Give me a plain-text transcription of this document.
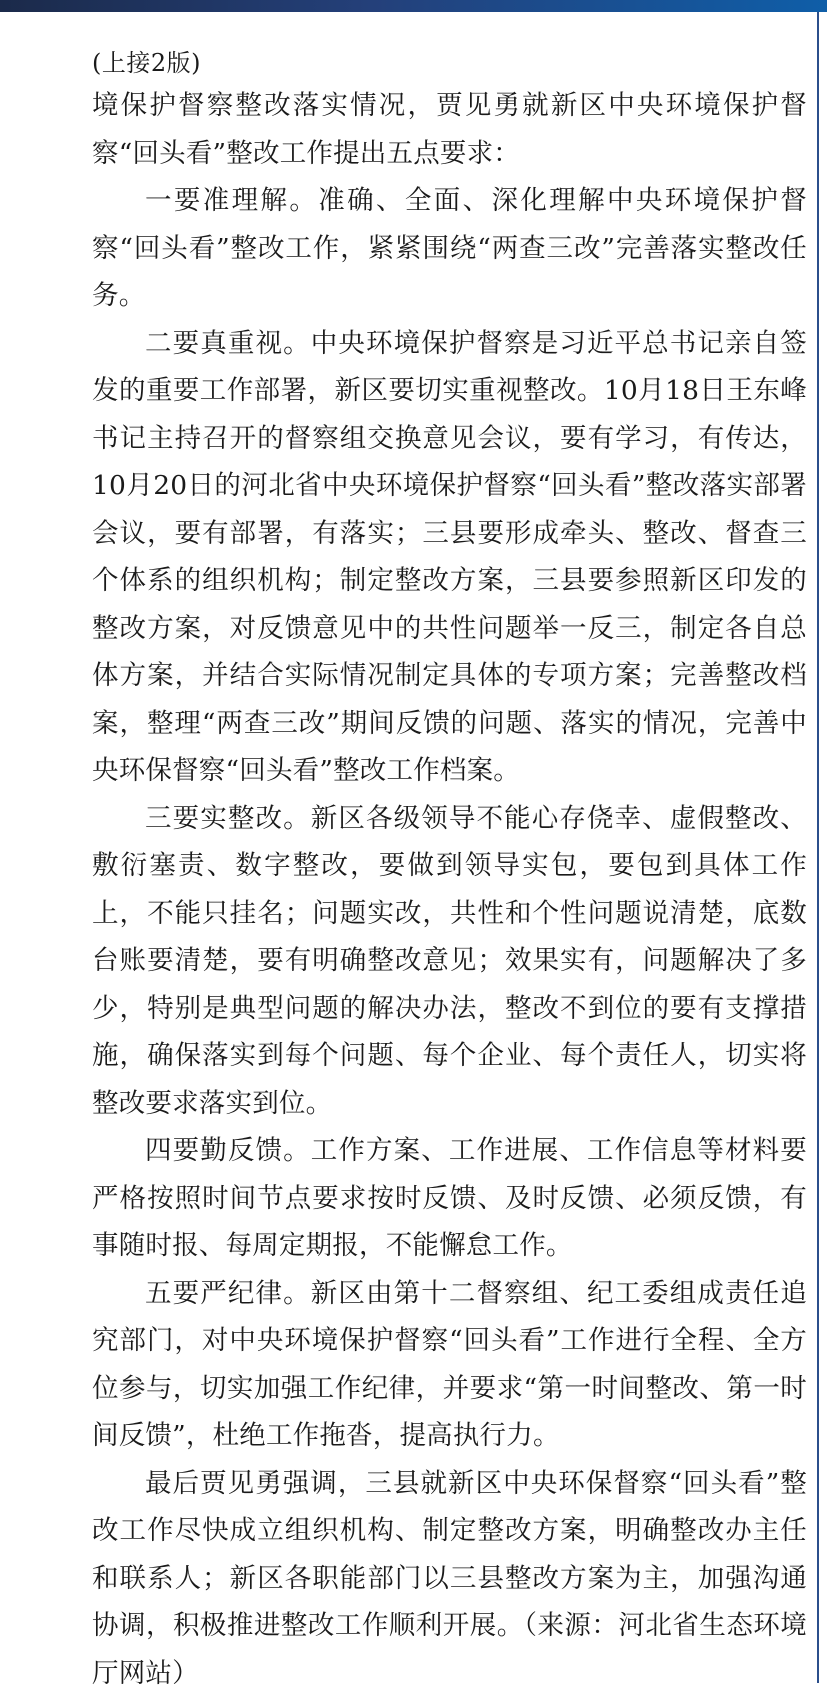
(上接2版)

境保护督察整改落实情况，贾见勇就新区中央环境保护督察“回头看”整改工作提出五点要求：

一要准理解。准确、全面、深化理解中央环境保护督察“回头看”整改工作，紧紧围绕“两查三改”完善落实整改任务。

二要真重视。中央环境保护督察是习近平总书记亲自签发的重要工作部署，新区要切实重视整改。10月18日王东峰书记主持召开的督察组交换意见会议，要有学习，有传达，10月20日的河北省中央环境保护督察“回头看”整改落实部署会议，要有部署，有落实；三县要形成牵头、整改、督查三个体系的组织机构；制定整改方案，三县要参照新区印发的整改方案，对反馈意见中的共性问题举一反三，制定各自总体方案，并结合实际情况制定具体的专项方案；完善整改档案，整理“两查三改”期间反馈的问题、落实的情况，完善中央环保督察“回头看”整改工作档案。

三要实整改。新区各级领导不能心存侥幸、虚假整改、敷衍塞责、数字整改，要做到领导实包，要包到具体工作上，不能只挂名；问题实改，共性和个性问题说清楚，底数台账要清楚，要有明确整改意见；效果实有，问题解决了多少，特别是典型问题的解决办法，整改不到位的要有支撑措施，确保落实到每个问题、每个企业、每个责任人，切实将整改要求落实到位。

四要勤反馈。工作方案、工作进展、工作信息等材料要严格按照时间节点要求按时反馈、及时反馈、必须反馈，有事随时报、每周定期报，不能懈怠工作。

五要严纪律。新区由第十二督察组、纪工委组成责任追究部门，对中央环境保护督察“回头看”工作进行全程、全方位参与，切实加强工作纪律，并要求“第一时间整改、第一时间反馈”，杜绝工作拖沓，提高执行力。

最后贾见勇强调，三县就新区中央环保督察“回头看”整改工作尽快成立组织机构、制定整改方案，明确整改办主任和联系人；新区各职能部门以三县整改方案为主，加强沟通协调，积极推进整改工作顺利开展。（来源：河北省生态环境厅网站）
